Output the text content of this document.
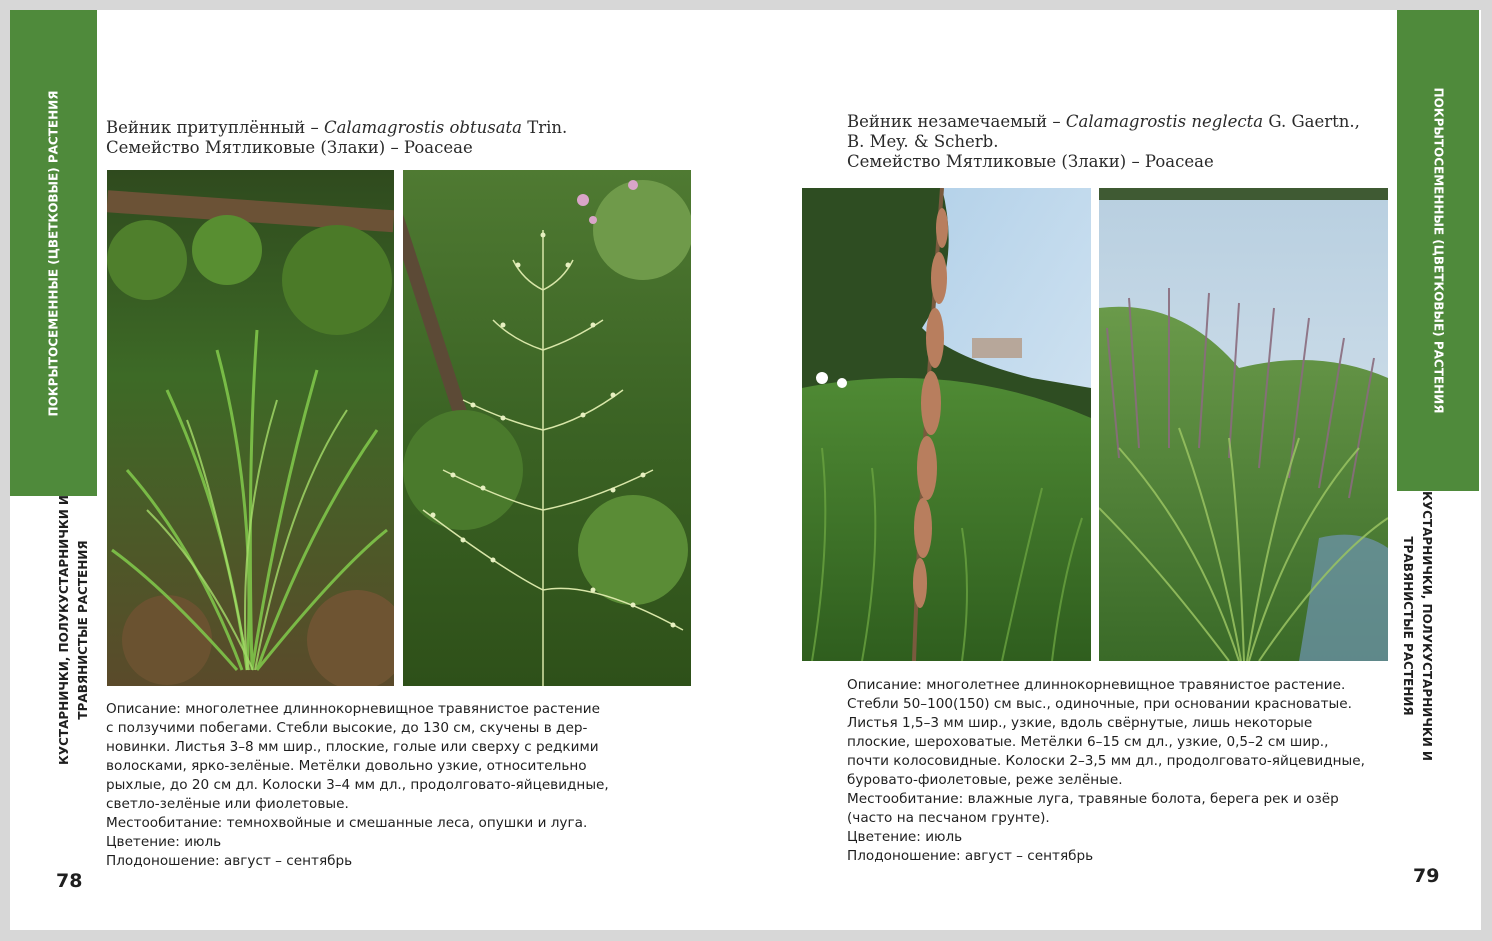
ПОКРЫТОСЕМЕННЫЕ (ЦВЕТКОВЫЕ) РАСТЕНИЯ
КУСТАРНИЧКИ, ПОЛУКУСТАРНИЧКИ И ТРАВЯНИСТЫЕ РАСТЕНИЯ
Вейник притуплённый – Calamagrostis obtusata Trin.
Семейство Мятликовые (Злаки) – Poaceae
Описание: многолетнее длиннокорневищное травянистое растение
с ползучими побегами. Стебли высокие, до 130 см, скучены в дер-
новинки. Листья 3–8 мм шир., плоские, голые или сверху с редкими
волосками, ярко-зелёные. Метёлки довольно узкие, относительно
рыхлые, до 20 см дл. Колоски 3–4 мм дл., продолговато-яйцевидные,
светло-зелёные или фиолетовые.
Местообитание: темнохвойные и смешанные леса, опушки и луга.
Цветение: июль
Плодоношение: август – сентябрь
78
Вейник незамечаемый – Calamagrostis neglecta G. Gaertn.,
B. Mey. & Scherb.
Семейство Мятликовые (Злаки) – Poaceae
Описание: многолетнее длиннокорневищное травянистое растение.
Стебли 50–100(150) см выс., одиночные, при основании красноватые.
Листья 1,5–3 мм шир., узкие, вдоль свёрнутые, лишь некоторые
плоские, шероховатые. Метёлки 6–15 см дл., узкие, 0,5–2 см шир.,
почти колосовидные. Колоски 2–3,5 мм дл., продолговато-яйцевидные,
буровато-фиолетовые, реже зелёные.
Местообитание: влажные луга, травяные болота, берега рек и озёр
(часто на песчаном грунте).
Цветение: июль
Плодоношение: август – сентябрь
79
ПОКРЫТОСЕМЕННЫЕ (ЦВЕТКОВЫЕ) РАСТЕНИЯ
КУСТАРНИЧКИ, ПОЛУКУСТАРНИЧКИ И
ТРАВЯНИСТЫЕ РАСТЕНИЯ
